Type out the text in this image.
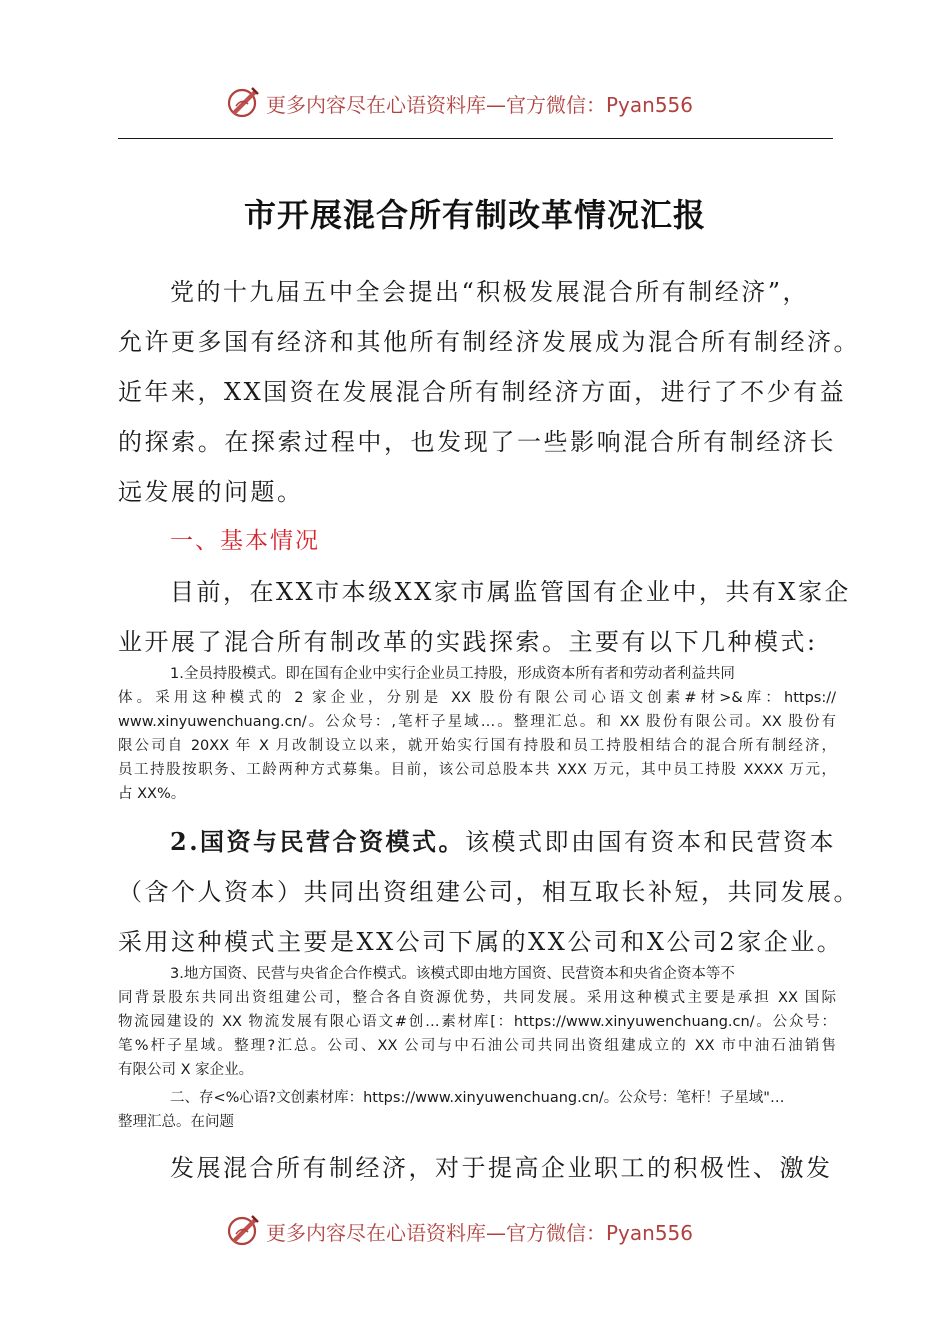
更多内容尽在心语资料库—官方微信：Pyan556
市开展混合所有制改革情况汇报
党的十九届五中全会提出“积极发展混合所有制经济”，
允许更多国有经济和其他所有制经济发展成为混合所有制经济。
近年来，XX国资在发展混合所有制经济方面，进行了不少有益
的探索。在探索过程中，也发现了一些影响混合所有制经济长
远发展的问题。
一、基本情况
目前，在XX市本级XX家市属监管国有企业中，共有X家企
业开展了混合所有制改革的实践探索。主要有以下几种模式:
1.全员持股模式。即在国有企业中实行企业员工持股，形成资本所有者和劳动者利益共同
体。采用这种模式的 2 家企业，分别是 XX 股份有限公司心语文创素#材>&库：https://
www.xinyuwenchuang.cn/。公众号：,笔杆子星域…。整理汇总。和 XX 股份有限公司。XX 股份有
限公司自 20XX 年 X 月改制设立以来，就开始实行国有持股和员工持股相结合的混合所有制经济，
员工持股按职务、工龄两种方式募集。目前，该公司总股本共 XXX 万元，其中员工持股 XXXX 万元，
占 XX%。
2.国资与民营合资模式。该模式即由国有资本和民营资本
（含个人资本）共同出资组建公司，相互取长补短，共同发展。
采用这种模式主要是XX公司下属的XX公司和X公司2家企业。
3.地方国资、民营与央省企合作模式。该模式即由地方国资、民营资本和央省企资本等不
同背景股东共同出资组建公司，整合各自资源优势，共同发展。采用这种模式主要是承担 XX 国际
物流园建设的 XX 物流发展有限心语文#创…素材库[：https://www.xinyuwenchuang.cn/。公众号：
笔%杆子星域。整理?汇总。公司、XX 公司与中石油公司共同出资组建成立的 XX 市中油石油销售
有限公司 X 家企业。
二、存<%心语?文创素材库：https://www.xinyuwenchuang.cn/。公众号：笔杆！子星域"…
整理汇总。在问题
发展混合所有制经济，对于提高企业职工的积极性、激发
更多内容尽在心语资料库—官方微信：Pyan556
